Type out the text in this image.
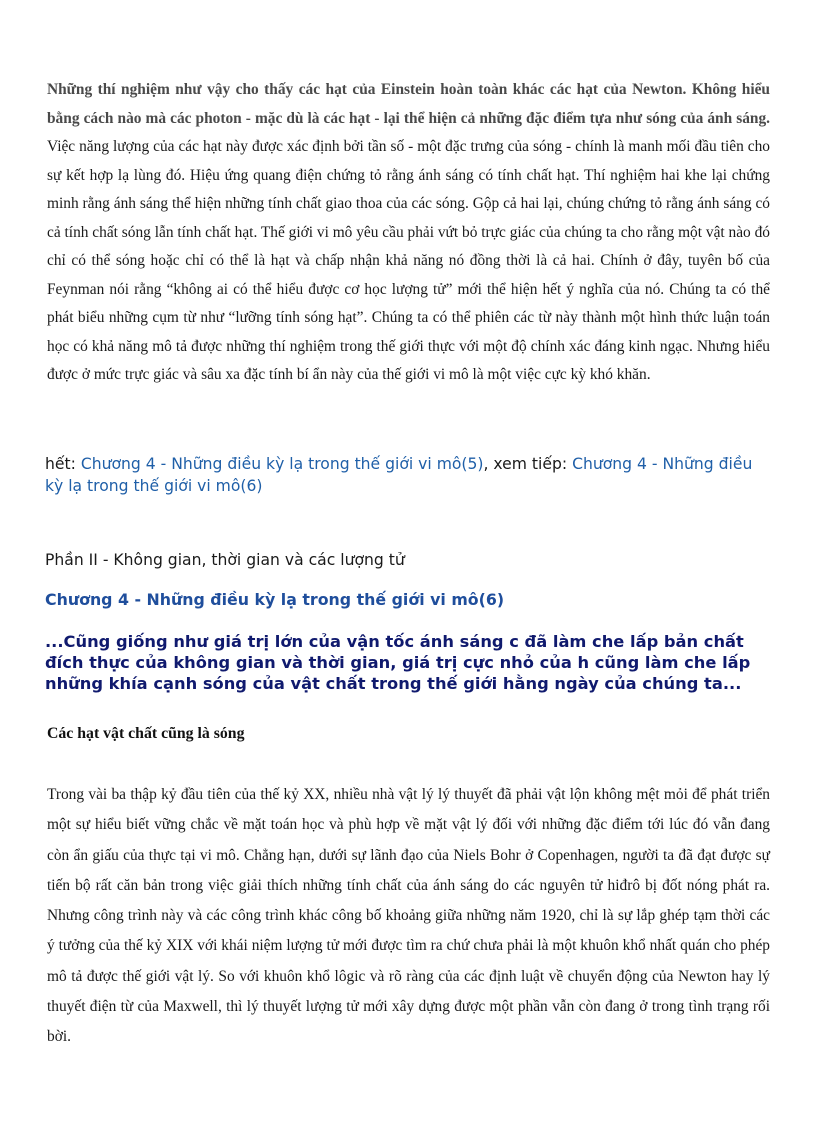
Những thí nghiệm như vậy cho thấy các hạt của Einstein hoàn toàn khác các hạt của Newton. Không hiểu bằng cách nào mà các photon - mặc dù là các hạt - lại thể hiện cả những đặc điểm tựa như sóng của ánh sáng. Việc năng lượng của các hạt này được xác định bởi tần số - một đặc trưng của sóng - chính là manh mối đầu tiên cho sự kết hợp lạ lùng đó. Hiệu ứng quang điện chứng tỏ rằng ánh sáng có tính chất hạt. Thí nghiệm hai khe lại chứng minh rằng ánh sáng thể hiện những tính chất giao thoa của các sóng. Gộp cả hai lại, chúng chứng tỏ rằng ánh sáng có cả tính chất sóng lẫn tính chất hạt. Thế giới vi mô yêu cầu phải vứt bỏ trực giác của chúng ta cho rằng một vật nào đó chỉ có thể sóng hoặc chỉ có thể là hạt và chấp nhận khả năng nó đồng thời là cả hai. Chính ở đây, tuyên bố của Feynman nói rằng “không ai có thể hiểu được cơ học lượng tử” mới thể hiện hết ý nghĩa của nó. Chúng ta có thể phát biểu những cụm từ như “lưỡng tính sóng hạt”. Chúng ta có thể phiên các từ này thành một hình thức luận toán học có khả năng mô tả được những thí nghiệm trong thế giới thực với một độ chính xác đáng kinh ngạc. Nhưng hiểu được ở mức trực giác và sâu xa đặc tính bí ẩn này của thế giới vi mô là một việc cực kỳ khó khăn.

hết: Chương 4 - Những điều kỳ lạ trong thế giới vi mô(5), xem tiếp: Chương 4 - Những điều kỳ lạ trong thế giới vi mô(6)

Phần II - Không gian, thời gian và các lượng tử

Chương 4 - Những điều kỳ lạ trong thế giới vi mô(6)

...Cũng giống như giá trị lớn của vận tốc ánh sáng c đã làm che lấp bản chất đích thực của không gian và thời gian, giá trị cực nhỏ của h cũng làm che lấp những khía cạnh sóng của vật chất trong thế giới hằng ngày của chúng ta...

Các hạt vật chất cũng là sóng

Trong vài ba thập kỷ đầu tiên của thế kỷ XX, nhiều nhà vật lý lý thuyết đã phải vật lộn không mệt mỏi để phát triển một sự hiểu biết vững chắc về mặt toán học và phù hợp về mặt vật lý đối với những đặc điểm tới lúc đó vẫn đang còn ẩn giấu của thực tại vi mô. Chẳng hạn, dưới sự lãnh đạo của Niels Bohr ở Copenhagen, người ta đã đạt được sự tiến bộ rất căn bản trong việc giải thích những tính chất của ánh sáng do các nguyên tử hiđrô bị đốt nóng phát ra. Nhưng công trình này và các công trình khác công bố khoảng giữa những năm 1920, chỉ là sự lắp ghép tạm thời các ý tưởng của thế kỷ XIX với khái niệm lượng tử mới được tìm ra chứ chưa phải là một khuôn khổ nhất quán cho phép mô tả được thế giới vật lý. So với khuôn khổ lôgic và rõ ràng của các định luật về chuyển động của Newton hay lý thuyết điện từ của Maxwell, thì lý thuyết lượng tử mới xây dựng được một phần vẫn còn đang ở trong tình trạng rối bời.
